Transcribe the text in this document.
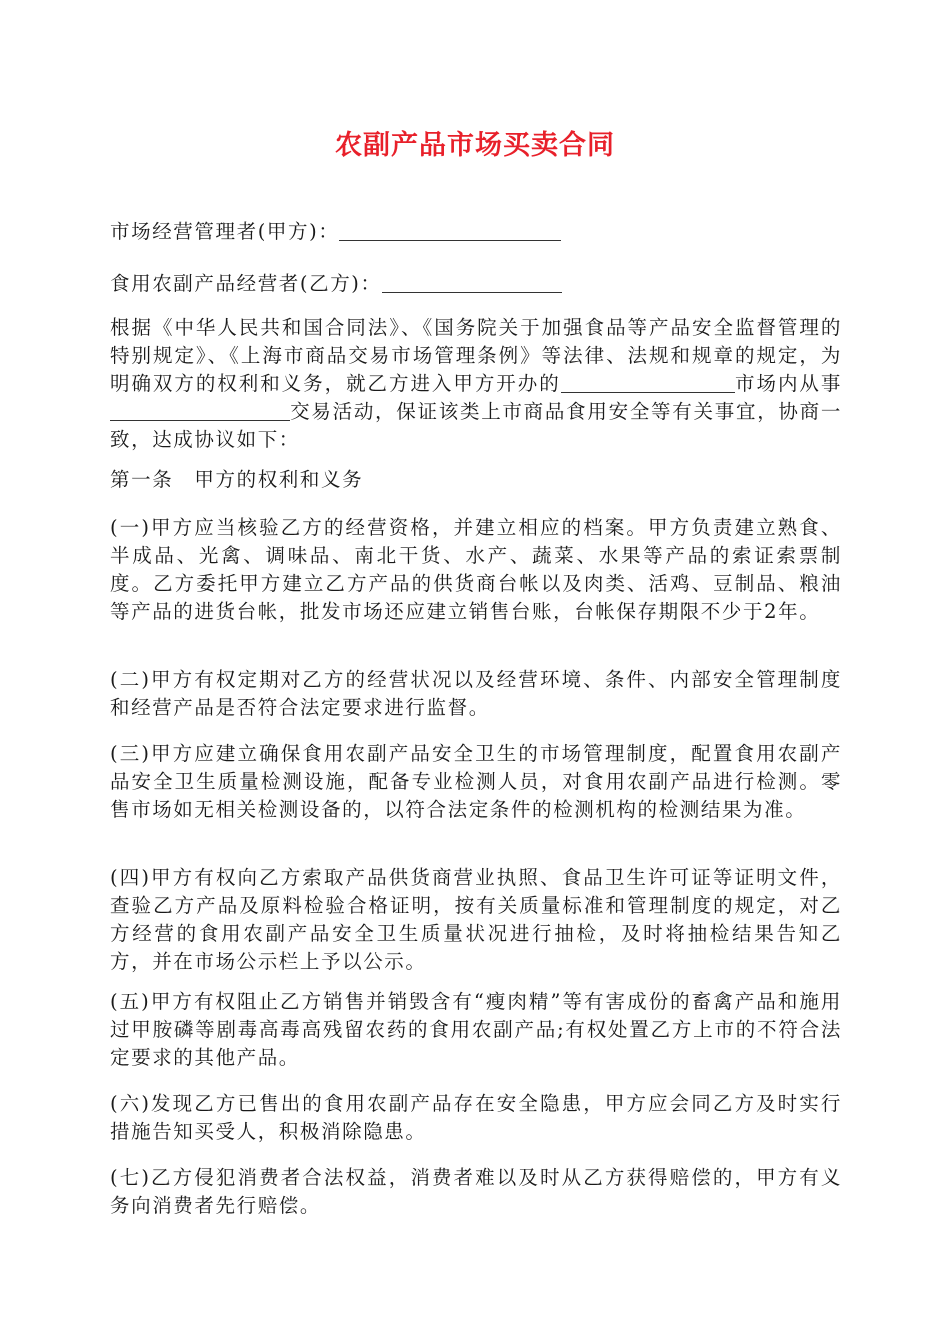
农副产品市场买卖合同

市场经营管理者(甲方)：

食用农副产品经营者(乙方)：

根据《中华人民共和国合同法》、《国务院关于加强食品等产品安全监督管理的特别规定》、《上海市商品交易市场管理条例》等法律、法规和规章的规定，为明确双方的权利和义务，就乙方进入甲方开办的	市场内从事 交易活动，保证该类上市商品食用安全等有关事宜，协商一致，达成协议如下：

第一条　甲方的权利和义务

(一)甲方应当核验乙方的经营资格，并建立相应的档案。甲方负责建立熟食、半成品、光禽、调味品、南北干货、水产、蔬菜、水果等产品的索证索票制度。乙方委托甲方建立乙方产品的供货商台帐以及肉类、活鸡、豆制品、粮油等产品的进货台帐，批发市场还应建立销售台账，台帐保存期限不少于2年。

(二)甲方有权定期对乙方的经营状况以及经营环境、条件、内部安全管理制度和经营产品是否符合法定要求进行监督。

(三)甲方应建立确保食用农副产品安全卫生的市场管理制度，配置食用农副产品安全卫生质量检测设施，配备专业检测人员，对食用农副产品进行检测。零售市场如无相关检测设备的，以符合法定条件的检测机构的检测结果为准。

(四)甲方有权向乙方索取产品供货商营业执照、食品卫生许可证等证明文件，查验乙方产品及原料检验合格证明，按有关质量标准和管理制度的规定，对乙方经营的食用农副产品安全卫生质量状况进行抽检，及时将抽检结果告知乙方，并在市场公示栏上予以公示。

(五)甲方有权阻止乙方销售并销毁含有“瘦肉精”等有害成份的畜禽产品和施用过甲胺磷等剧毒高毒高残留农药的食用农副产品;有权处置乙方上市的不符合法定要求的其他产品。

(六)发现乙方已售出的食用农副产品存在安全隐患，甲方应会同乙方及时实行措施告知买受人，积极消除隐患。

(七)乙方侵犯消费者合法权益，消费者难以及时从乙方获得赔偿的，甲方有义务向消费者先行赔偿。
